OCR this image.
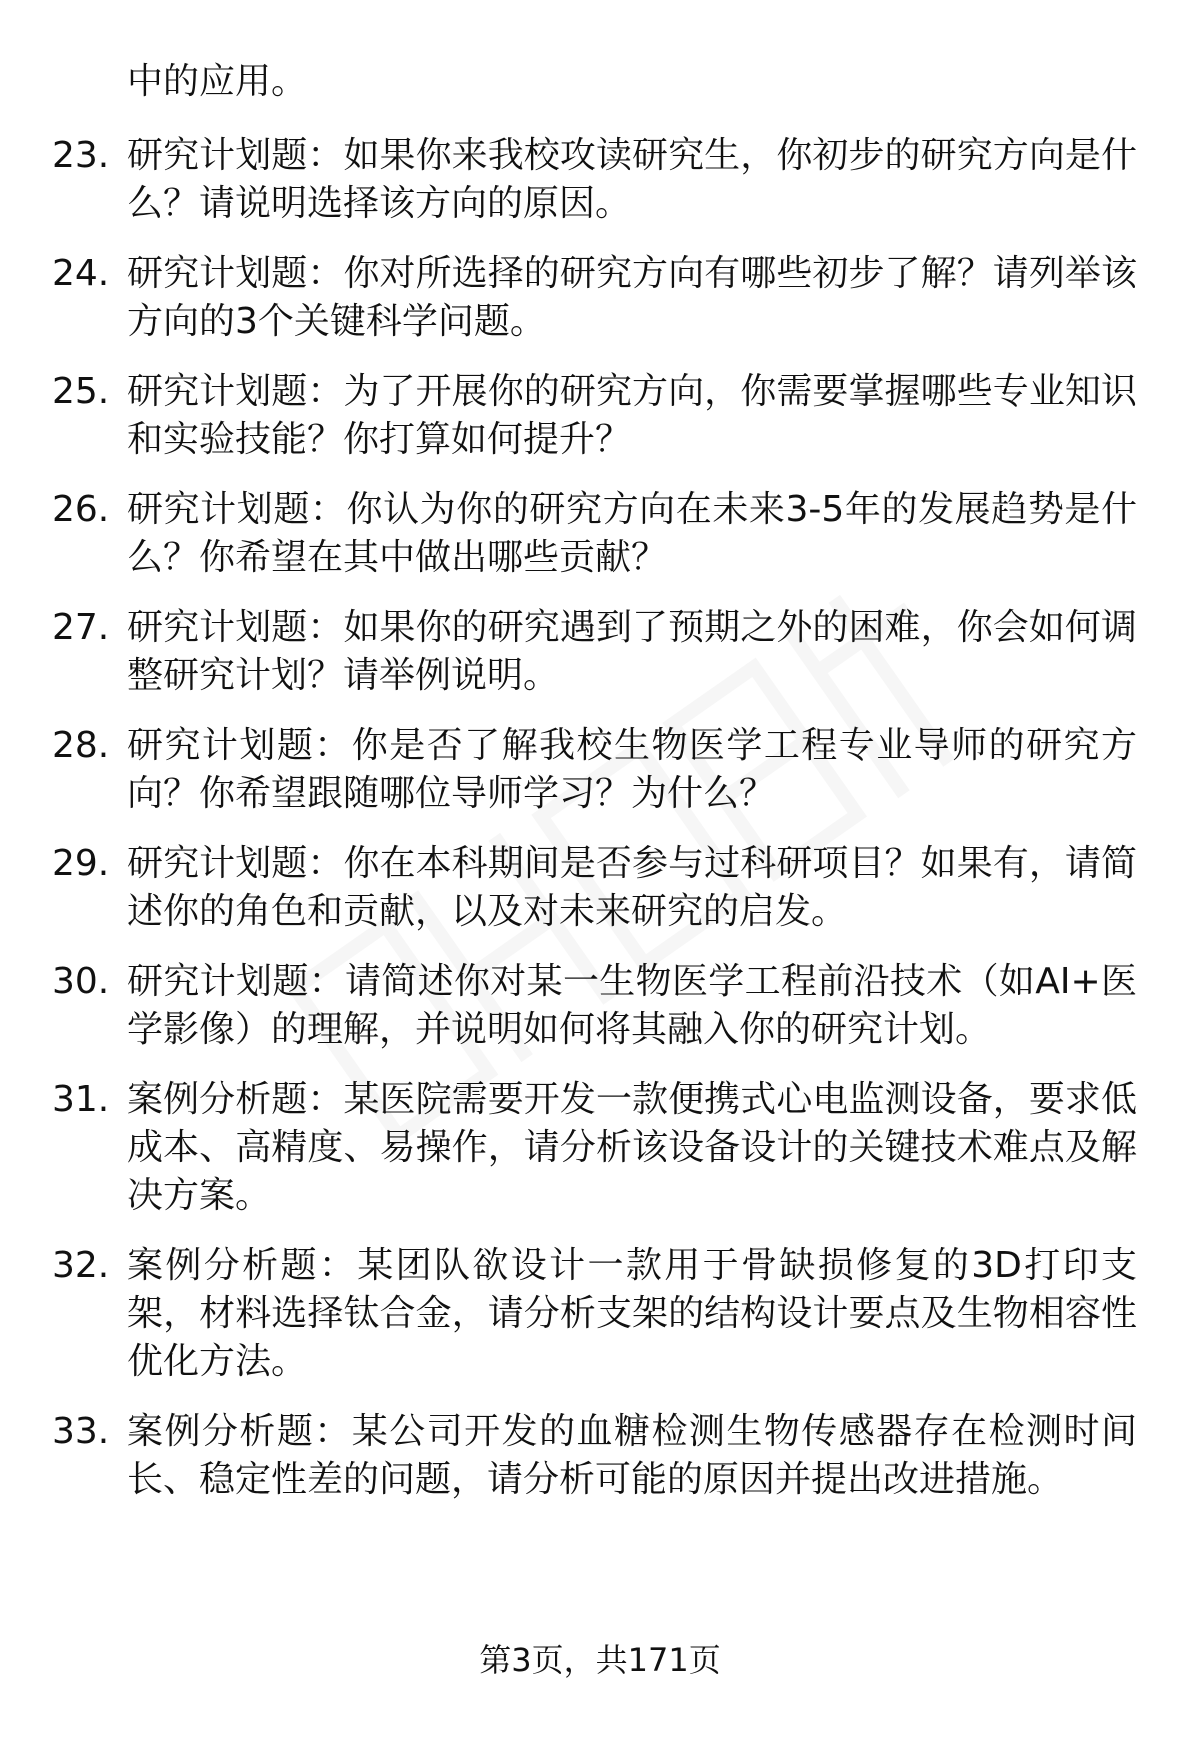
中的应用。
23. 研究计划题：如果你来我校攻读研究生，你初步的研究方向是什么？请说明选择该方向的原因。
24. 研究计划题：你对所选择的研究方向有哪些初步了解？请列举该方向的3个关键科学问题。
25. 研究计划题：为了开展你的研究方向，你需要掌握哪些专业知识和实验技能？你打算如何提升？
26. 研究计划题：你认为你的研究方向在未来3-5年的发展趋势是什么？你希望在其中做出哪些贡献？
27. 研究计划题：如果你的研究遇到了预期之外的困难，你会如何调整研究计划？请举例说明。
28. 研究计划题：你是否了解我校生物医学工程专业导师的研究方向？你希望跟随哪位导师学习？为什么？
29. 研究计划题：你在本科期间是否参与过科研项目？如果有，请简述你的角色和贡献，以及对未来研究的启发。
30. 研究计划题：请简述你对某一生物医学工程前沿技术（如AI+医学影像）的理解，并说明如何将其融入你的研究计划。
31. 案例分析题：某医院需要开发一款便携式心电监测设备，要求低成本、高精度、易操作，请分析该设备设计的关键技术难点及解决方案。
32. 案例分析题：某团队欲设计一款用于骨缺损修复的3D打印支架，材料选择钛合金，请分析支架的结构设计要点及生物相容性优化方法。
33. 案例分析题：某公司开发的血糖检测生物传感器存在检测时间长、稳定性差的问题，请分析可能的原因并提出改进措施。
第3页，共171页
